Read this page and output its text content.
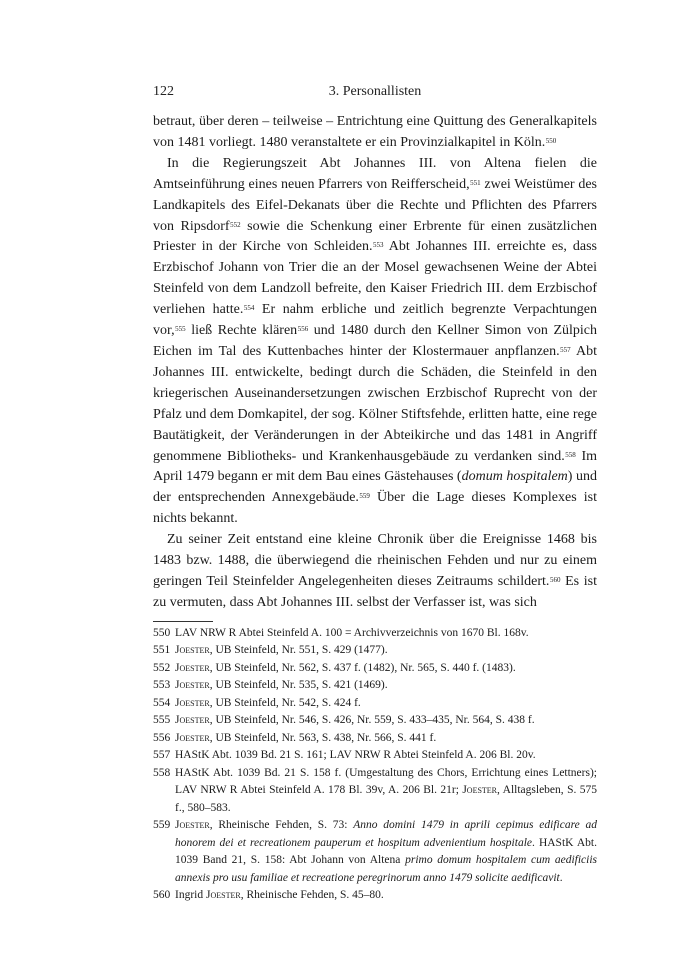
122	3. Personallisten

betraut, über deren – teilweise – Entrichtung eine Quittung des Generalkapitels von 1481 vorliegt. 1480 veranstaltete er ein Provinzialkapitel in Köln.$^{550}$

In die Regierungszeit Abt Johannes III. von Altena fielen die Amtseinführung eines neuen Pfarrers von Reifferscheid,$^{551}$ zwei Weistümer des Landkapitels des Eifel-Dekanats über die Rechte und Pflichten des Pfarrers von Ripsdorf$^{552}$ sowie die Schenkung einer Erbrente für einen zusätzlichen Priester in der Kirche von Schleiden.$^{553}$ Abt Johannes III. erreichte es, dass Erzbischof Johann von Trier die an der Mosel gewachsenen Weine der Abtei Steinfeld von dem Landzoll befreite, den Kaiser Friedrich III. dem Erzbischof verliehen hatte.$^{554}$ Er nahm erbliche und zeitlich begrenzte Verpachtungen vor,$^{555}$ ließ Rechte klären$^{556}$ und 1480 durch den Kellner Simon von Zülpich Eichen im Tal des Kuttenbaches hinter der Klostermauer anpflanzen.$^{557}$ Abt Johannes III. entwickelte, bedingt durch die Schäden, die Steinfeld in den kriegerischen Auseinandersetzungen zwischen Erzbischof Ruprecht von der Pfalz und dem Domkapitel, der sog. Kölner Stiftsfehde, erlitten hatte, eine rege Bautätigkeit, der Veränderungen in der Abteikirche und das 1481 in Angriff genommene Bibliotheks- und Krankenhausgebäude zu verdanken sind.$^{558}$ Im April 1479 begann er mit dem Bau eines Gästehauses (domum hospitalem) und der entsprechenden Annexgebäude.$^{559}$ Über die Lage dieses Komplexes ist nichts bekannt.

Zu seiner Zeit entstand eine kleine Chronik über die Ereignisse 1468 bis 1483 bzw. 1488, die überwiegend die rheinischen Fehden und nur zu einem geringen Teil Steinfelder Angelegenheiten dieses Zeitraums schildert.$^{560}$ Es ist zu vermuten, dass Abt Johannes III. selbst der Verfasser ist, was sich

550 LAV NRW R Abtei Steinfeld A. 100 = Archivverzeichnis von 1670 Bl. 168v.
551 Joester, UB Steinfeld, Nr. 551, S. 429 (1477).
552 Joester, UB Steinfeld, Nr. 562, S. 437 f. (1482), Nr. 565, S. 440 f. (1483).
553 Joester, UB Steinfeld, Nr. 535, S. 421 (1469).
554 Joester, UB Steinfeld, Nr. 542, S. 424 f.
555 Joester, UB Steinfeld, Nr. 546, S. 426, Nr. 559, S. 433–435, Nr. 564, S. 438 f.
556 Joester, UB Steinfeld, Nr. 563, S. 438, Nr. 566, S. 441 f.
557 HAStK Abt. 1039 Bd. 21 S. 161; LAV NRW R Abtei Steinfeld A. 206 Bl. 20v.
558 HAStK Abt. 1039 Bd. 21 S. 158 f. (Umgestaltung des Chors, Errichtung eines Lettners); LAV NRW R Abtei Steinfeld A. 178 Bl. 39v, A. 206 Bl. 21r; Joester, Alltagsleben, S. 575 f., 580–583.
559 Joester, Rheinische Fehden, S. 73: Anno domini 1479 in aprili cepimus edificare ad honorem dei et recreationem pauperum et hospitum advenientium hospitale. HAStK Abt. 1039 Band 21, S. 158: Abt Johann von Altena primo domum hospitalem cum aedificiis annexis pro usu familiae et recreatione peregrinorum anno 1479 solicite aedificavit.
560 Ingrid Joester, Rheinische Fehden, S. 45–80.
